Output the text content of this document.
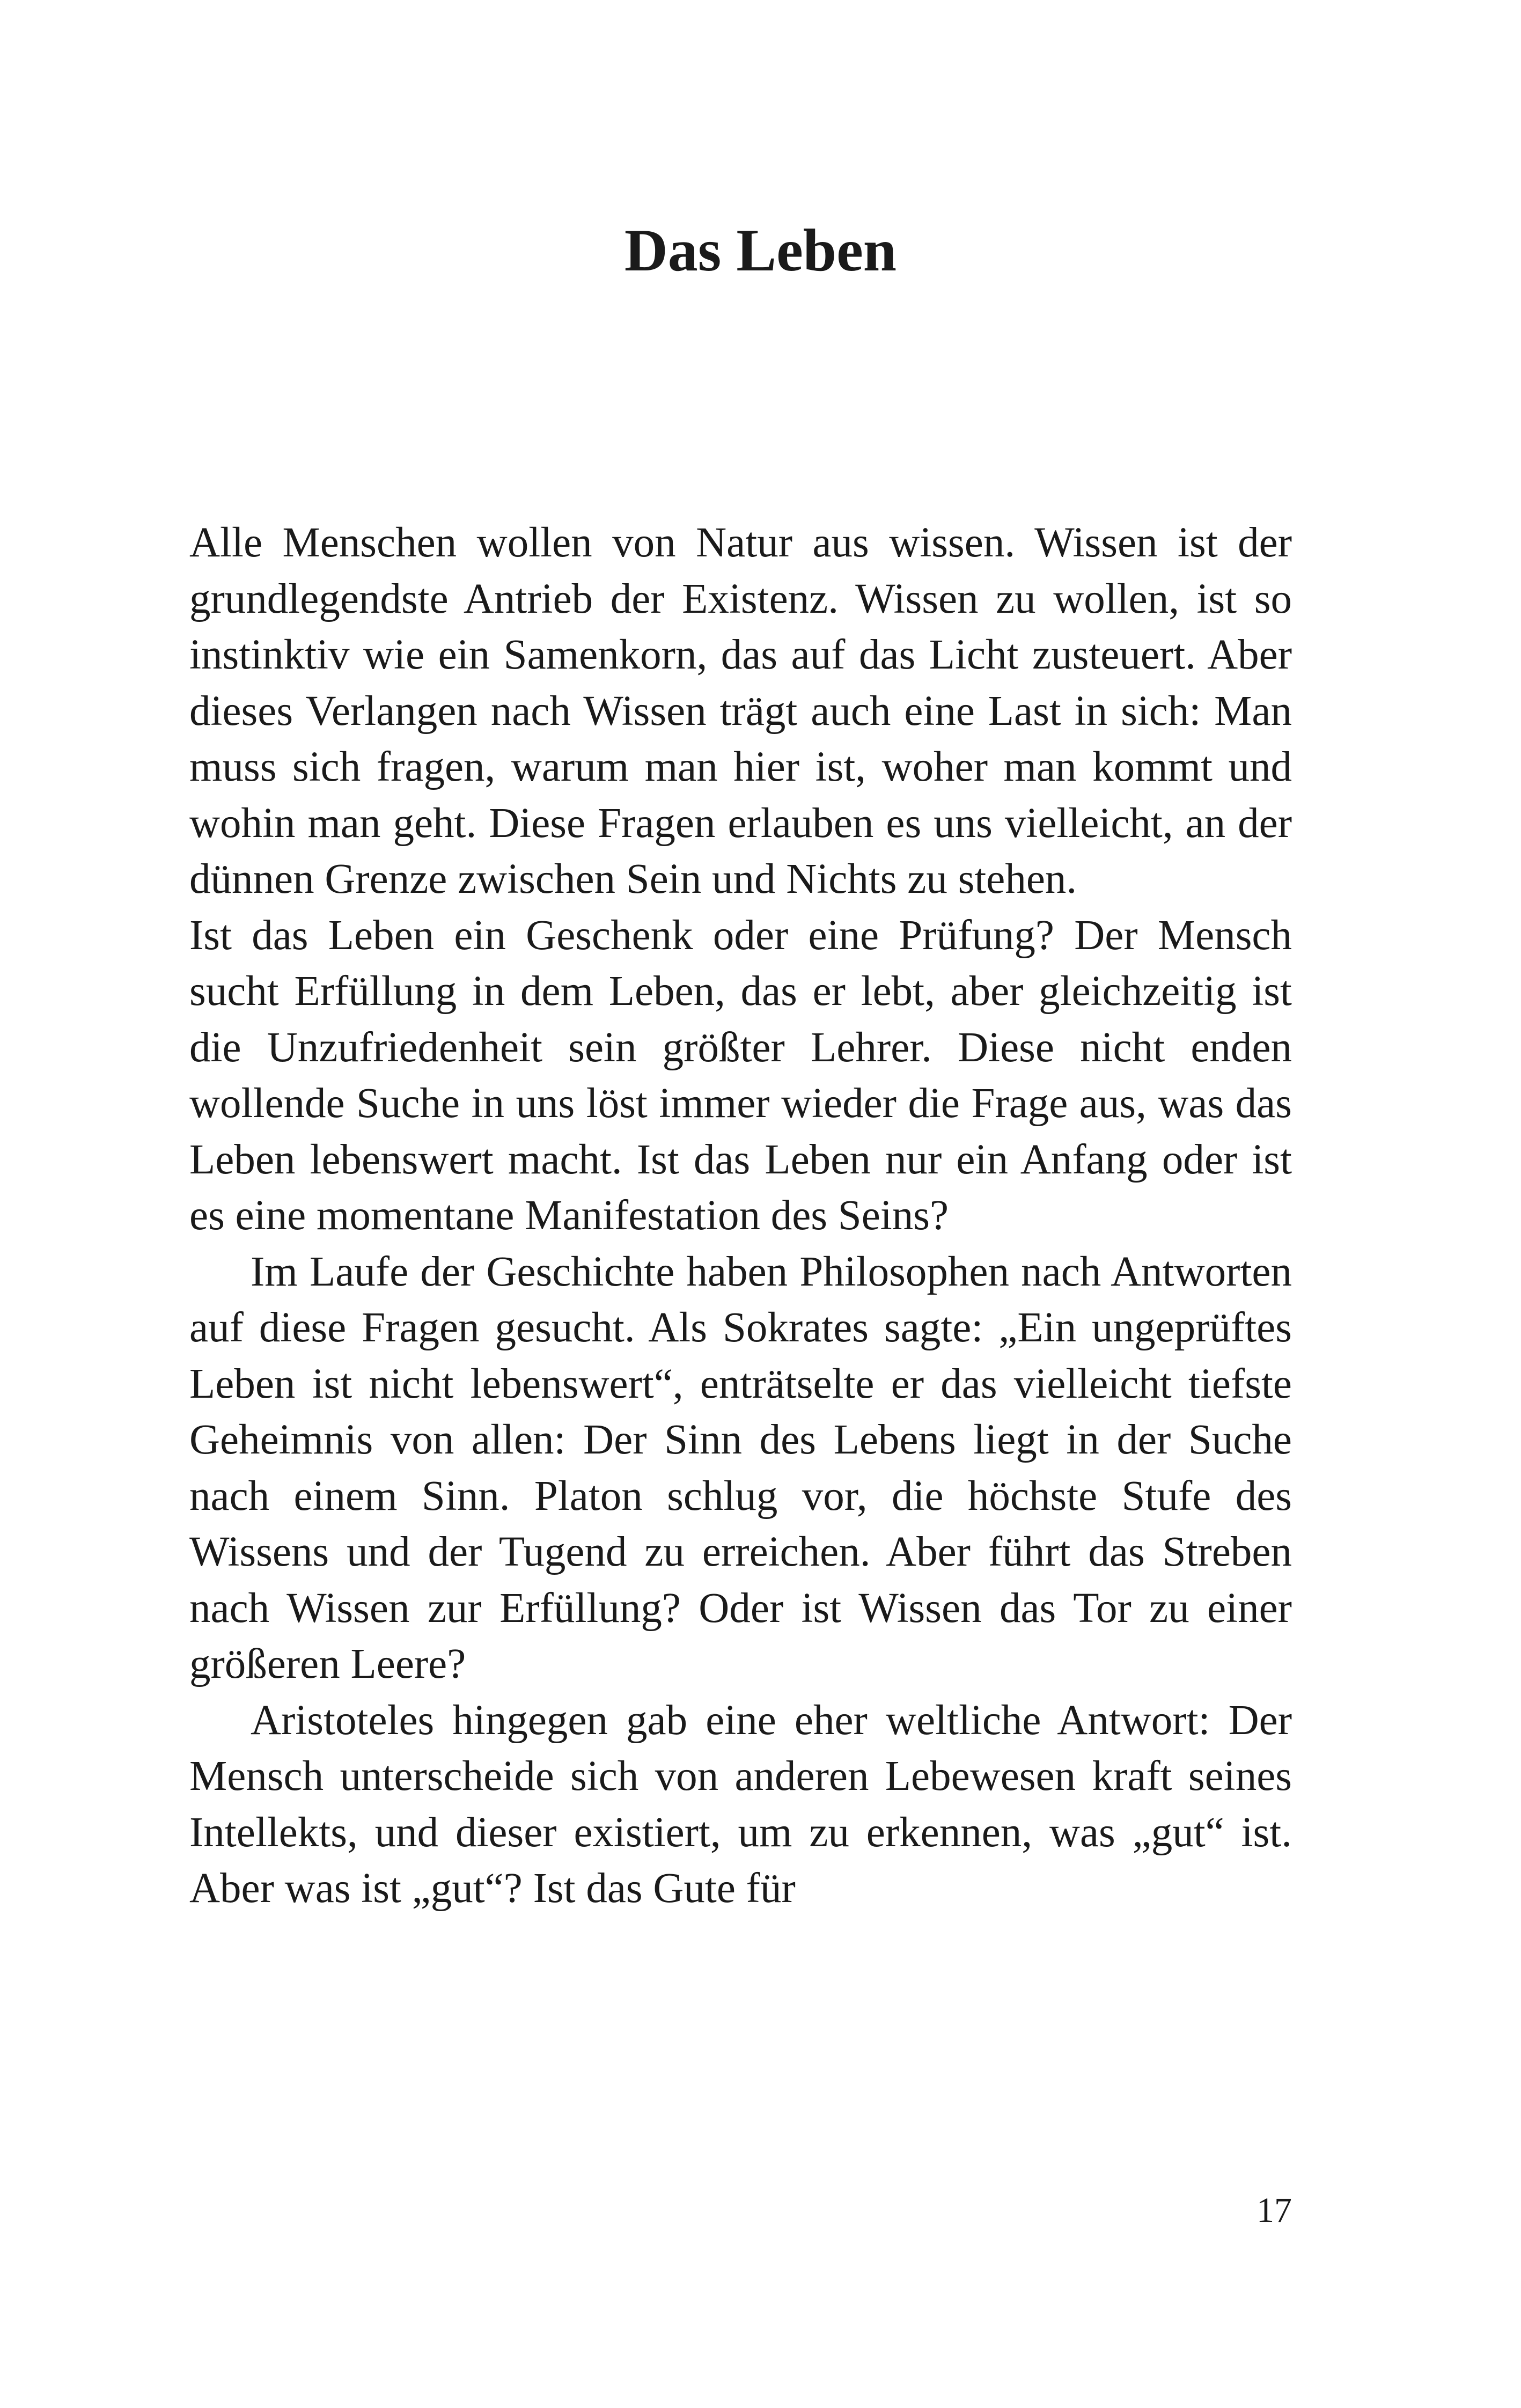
Das Leben

Alle Menschen wollen von Natur aus wissen. Wissen ist der grundlegendste Antrieb der Existenz. Wissen zu wollen, ist so instinktiv wie ein Samenkorn, das auf das Licht zusteuert. Aber dieses Verlangen nach Wissen trägt auch eine Last in sich: Man muss sich fragen, warum man hier ist, woher man kommt und wohin man geht. Diese Fragen erlauben es uns vielleicht, an der dünnen Grenze zwischen Sein und Nichts zu stehen.

Ist das Leben ein Geschenk oder eine Prüfung? Der Mensch sucht Erfüllung in dem Leben, das er lebt, aber gleichzeitig ist die Unzufriedenheit sein größter Lehrer. Diese nicht enden wollende Suche in uns löst immer wieder die Frage aus, was das Leben lebenswert macht. Ist das Leben nur ein Anfang oder ist es eine momentane Manifestation des Seins?

Im Laufe der Geschichte haben Philosophen nach Antworten auf diese Fragen gesucht. Als Sokrates sagte: „Ein ungeprüftes Leben ist nicht lebenswert“, enträtselte er das vielleicht tiefste Geheimnis von allen: Der Sinn des Lebens liegt in der Suche nach einem Sinn. Platon schlug vor, die höchste Stufe des Wissens und der Tugend zu erreichen. Aber führt das Streben nach Wissen zur Erfüllung? Oder ist Wissen das Tor zu einer größeren Leere?

Aristoteles hingegen gab eine eher weltliche Antwort: Der Mensch unterscheide sich von anderen Lebewesen kraft seines Intellekts, und dieser existiert, um zu erkennen, was „gut“ ist. Aber was ist „gut“? Ist das Gute für

17
